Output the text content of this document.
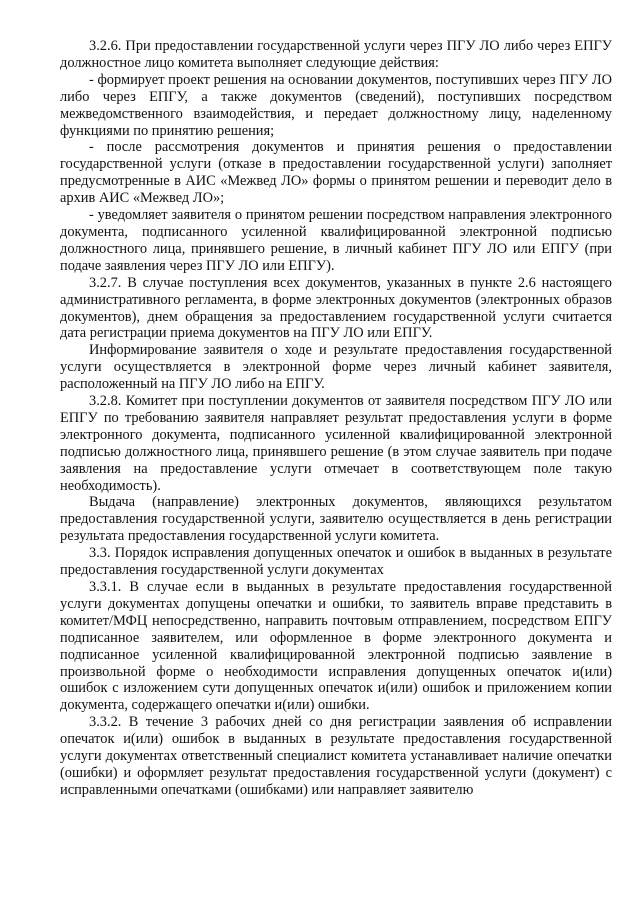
3.2.6. При предоставлении государственной услуги через ПГУ ЛО либо через ЕПГУ должностное лицо комитета выполняет следующие действия:

- формирует проект решения на основании документов, поступивших через ПГУ ЛО либо через ЕПГУ, а также документов (сведений), поступивших посредством межведомственного взаимодействия, и передает должностному лицу, наделенному функциями по принятию решения;

- после рассмотрения документов и принятия решения о предоставлении государственной услуги (отказе в предоставлении государственной услуги) заполняет предусмотренные в АИС «Межвед ЛО» формы о принятом решении и переводит дело в архив АИС «Межвед ЛО»;

- уведомляет заявителя о принятом решении посредством направления электронного документа, подписанного усиленной квалифицированной электронной подписью должностного лица, принявшего решение, в личный кабинет ПГУ ЛО или ЕПГУ (при подаче заявления через ПГУ ЛО или ЕПГУ).

3.2.7. В случае поступления всех документов, указанных в пункте 2.6 настоящего административного регламента, в форме электронных документов (электронных образов документов), днем обращения за предоставлением государственной услуги считается дата регистрации приема документов на ПГУ ЛО или ЕПГУ.

Информирование заявителя о ходе и результате предоставления государственной услуги осуществляется в электронной форме через личный кабинет заявителя, расположенный на ПГУ ЛО либо на ЕПГУ.

3.2.8. Комитет при поступлении документов от заявителя посредством ПГУ ЛО или ЕПГУ по требованию заявителя направляет результат предоставления услуги в форме электронного документа, подписанного усиленной квалифицированной электронной подписью должностного лица, принявшего решение (в этом случае заявитель при подаче заявления на предоставление услуги отмечает в соответствующем поле такую необходимость).

Выдача (направление) электронных документов, являющихся результатом предоставления государственной услуги, заявителю осуществляется в день регистрации результата предоставления государственной услуги комитета.

3.3. Порядок исправления допущенных опечаток и ошибок в выданных в результате предоставления государственной услуги документах

3.3.1. В случае если в выданных в результате предоставления государственной услуги документах допущены опечатки и ошибки, то заявитель вправе представить в комитет/МФЦ непосредственно, направить почтовым отправлением, посредством ЕПГУ подписанное заявителем, или оформленное в форме электронного документа и подписанное усиленной квалифицированной электронной подписью заявление в произвольной форме о необходимости исправления допущенных опечаток и(или) ошибок с изложением сути допущенных опечаток и(или) ошибок и приложением копии документа, содержащего опечатки и(или) ошибки.

3.3.2. В течение 3 рабочих дней со дня регистрации заявления об исправлении опечаток и(или) ошибок в выданных в результате предоставления государственной услуги документах ответственный специалист комитета устанавливает наличие опечатки (ошибки) и оформляет результат предоставления государственной услуги (документ) с исправленными опечатками (ошибками) или направляет заявителю
